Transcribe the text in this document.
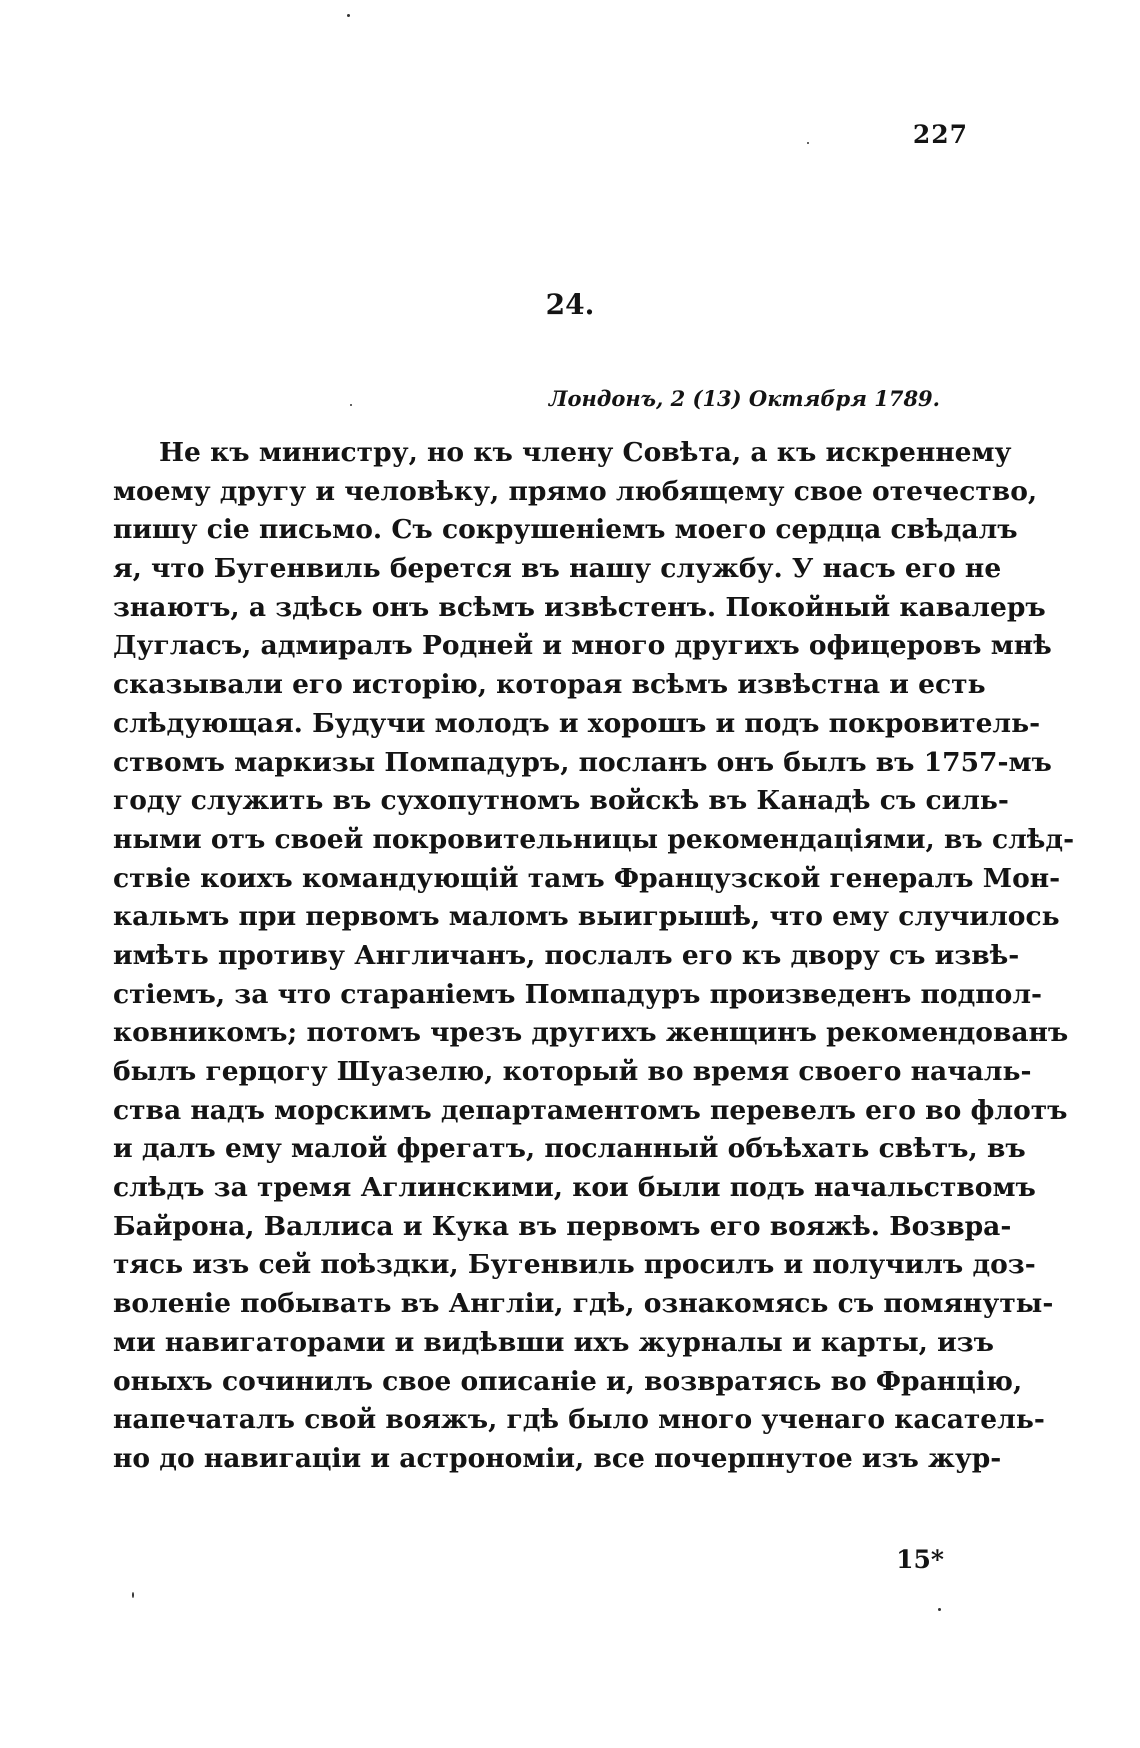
227
24.
Лондонъ, 2 (13) Октября 1789.
Не къ министру, но къ члену Совѣта, а къ искреннему
моему другу и человѣку, прямо любящему свое отечество,
пишу сіе письмо. Съ сокрушеніемъ моего сердца свѣдалъ
я, что Бугенвиль берется въ нашу службу. У насъ его не
знаютъ, а здѣсь онъ всѣмъ извѣстенъ. Покойный кавалеръ
Дугласъ, адмиралъ Родней и много другихъ офицеровъ мнѣ
сказывали его исторію, которая всѣмъ извѣстна и есть
слѣдующая. Будучи молодъ и хорошъ и подъ покровитель-
ствомъ маркизы Помпадуръ, посланъ онъ былъ въ 1757-мъ
году служить въ сухопутномъ войскѣ въ Канадѣ съ силь-
ными отъ своей покровительницы рекомендаціями, въ слѣд-
ствіе коихъ командующій тамъ Французской генералъ Мон-
кальмъ при первомъ маломъ выигрышѣ, что ему случилось
имѣть противу Англичанъ, послалъ его къ двору съ извѣ-
стіемъ, за что стараніемъ Помпадуръ произведенъ подпол-
ковникомъ; потомъ чрезъ другихъ женщинъ рекомендованъ
былъ герцогу Шуазелю, который во время своего началь-
ства надъ морскимъ департаментомъ перевелъ его во флотъ
и далъ ему малой фрегатъ, посланный объѣхать свѣтъ, въ
слѣдъ за тремя Аглинскими, кои были подъ начальствомъ
Байрона, Валлиса и Кука въ первомъ его вояжѣ. Возвра-
тясь изъ сей поѣздки, Бугенвиль просилъ и получилъ доз-
воленіе побывать въ Англіи, гдѣ, ознакомясь съ помянуты-
ми навигаторами и видѣвши ихъ журналы и карты, изъ
оныхъ сочинилъ свое описаніе и, возвратясь во Францію,
напечаталъ свой вояжъ, гдѣ было много ученаго касатель-
но до навигаціи и астрономіи, все почерпнутое изъ жур-
15*
